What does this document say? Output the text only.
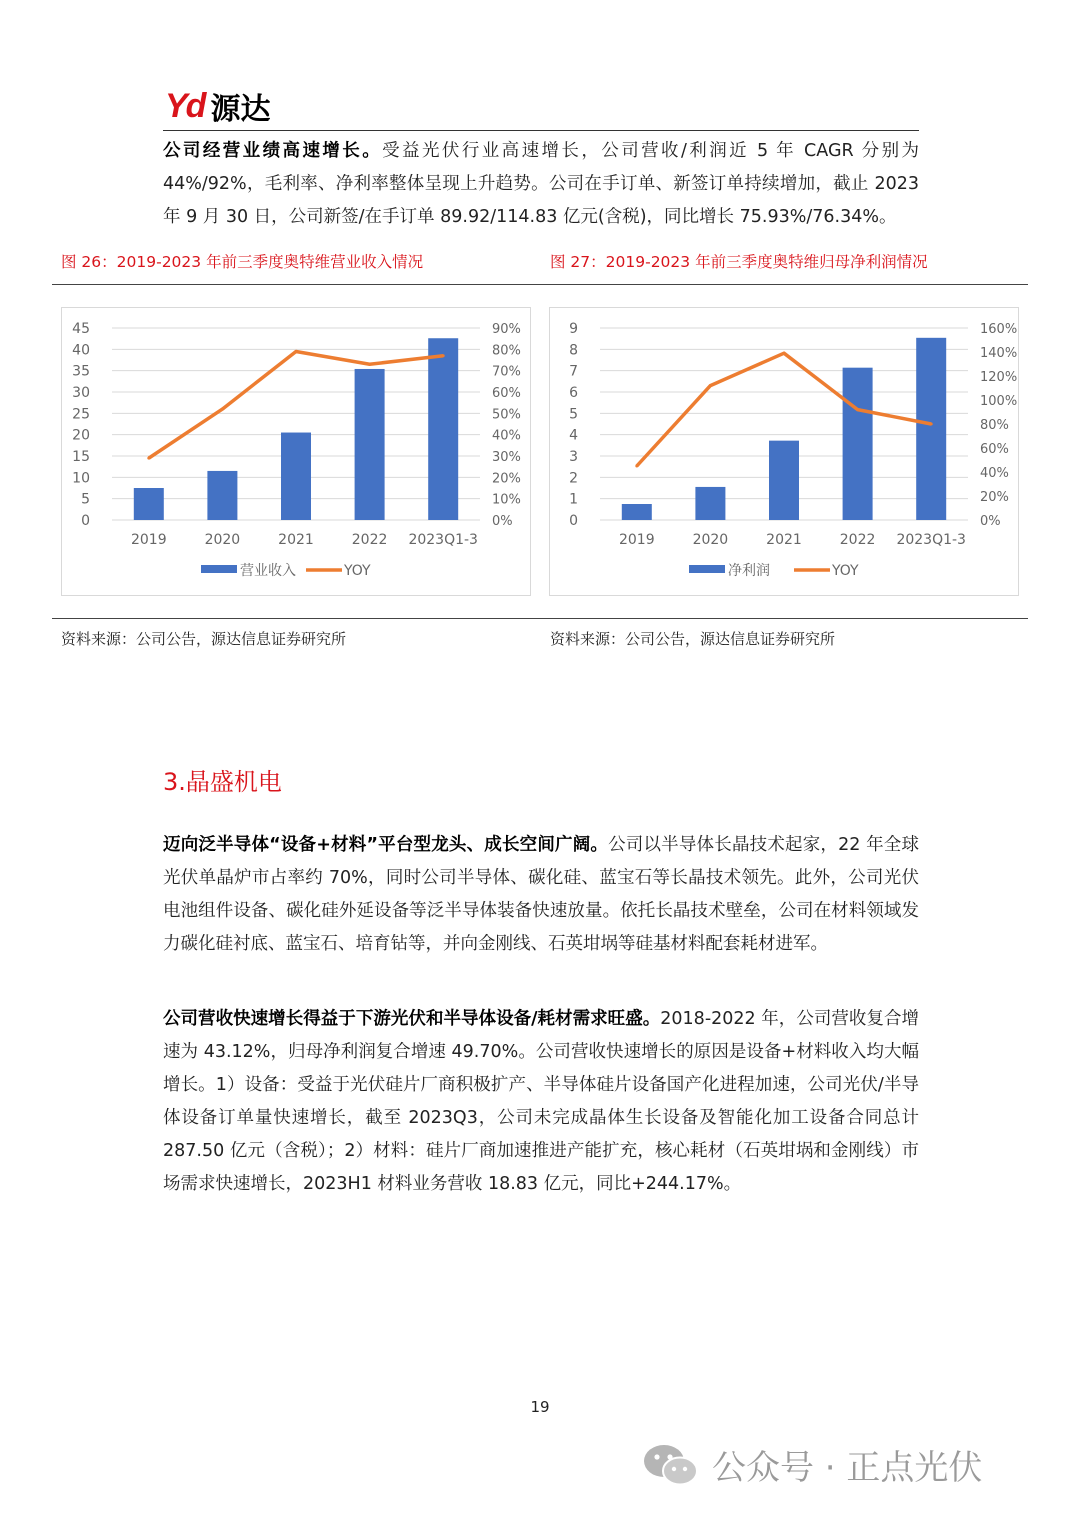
Yd 源达
公司经营业绩高速增长。受益光伏行业高速增长，公司营收/利润近 5 年 CAGR 分别为 44%/92%，毛利率、净利率整体呈现上升趋势。公司在手订单、新签订单持续增加，截止 2023 年 9 月 30 日，公司新签/在手订单 89.92/114.83 亿元(含税)，同比增长 75.93%/76.34%。
图 26：2019-2023 年前三季度奥特维营业收入情况	图 27：2019-2023 年前三季度奥特维归母净利润情况
45
40
35
30
25
20
15
10
5
0
90%
80%
70%
60%
50%
40%
30%
20%
10%
0%
2019	2020	2021	2022 2023Q1-3
营业收入	YOY
9
8
7
6
5
4
3
2
1
0
160%
140%
120%
100%
80%
60%
40%
20%
0%
2019	2020	2021	2022 2023Q1-3
净利润	YOY
资料来源：公司公告，源达信息证券研究所	资料来源：公司公告，源达信息证券研究所
3.晶盛机电
迈向泛半导体“设备+材料”平台型龙头、成长空间广阔。公司以半导体长晶技术起家，22 年全球光伏单晶炉市占率约 70%，同时公司半导体、碳化硅、蓝宝石等长晶技术领先。此外，公司光伏电池组件设备、碳化硅外延设备等泛半导体装备快速放量。依托长晶技术壁垒，公司在材料领域发力碳化硅衬底、蓝宝石、培育钻等，并向金刚线、石英坩埚等硅基材料配套耗材进军。
公司营收快速增长得益于下游光伏和半导体设备/耗材需求旺盛。2018-2022 年，公司营收复合增速为 43.12%，归母净利润复合增速 49.70%。公司营收快速增长的原因是设备+材料收入均大幅增长。1）设备：受益于光伏硅片厂商积极扩产、半导体硅片设备国产化进程加速，公司光伏/半导体设备订单量快速增长，截至 2023Q3，公司未完成晶体生长设备及智能化加工设备合同总计 287.50 亿元（含税）；2）材料：硅片厂商加速推进产能扩充，核心耗材（石英坩埚和金刚线）市场需求快速增长，2023H1 材料业务营收 18.83 亿元，同比+244.17%。
19
公众号 · 正点光伏
